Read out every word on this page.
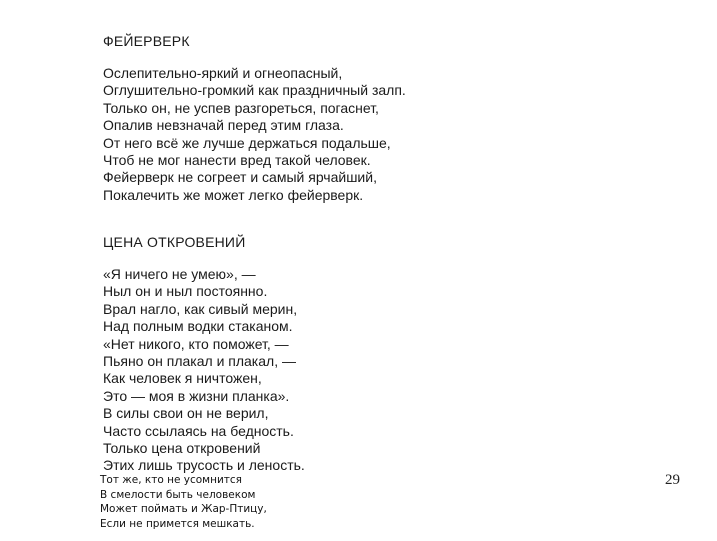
ФЕЙЕРВЕРК
Ослепительно-яркий и огнеопасный,
Оглушительно-громкий как праздничный залп.
Только он, не успев разгореться, погаснет,
Опалив невзначай перед этим глаза.
От него всё же лучше держаться подальше,
Чтоб не мог нанести вред такой человек.
Фейерверк не согреет и самый ярчайший,
Покалечить же может легко фейерверк.
ЦЕНА ОТКРОВЕНИЙ
«Я ничего не умею», —
Ныл он и ныл постоянно.
Врал нагло, как сивый мерин,
Над полным водки стаканом.
«Нет никого, кто поможет, —
Пьяно он плакал и плакал, —
Как человек я ничтожен,
Это — моя в жизни планка».
В силы свои он не верил,
Часто ссылаясь на бедность.
Только цена откровений
Этих лишь трусость и леность.
Тот же, кто не усомнится
В смелости быть человеком
Может поймать и Жар-Птицу,
Если не примется мешкать.
29
